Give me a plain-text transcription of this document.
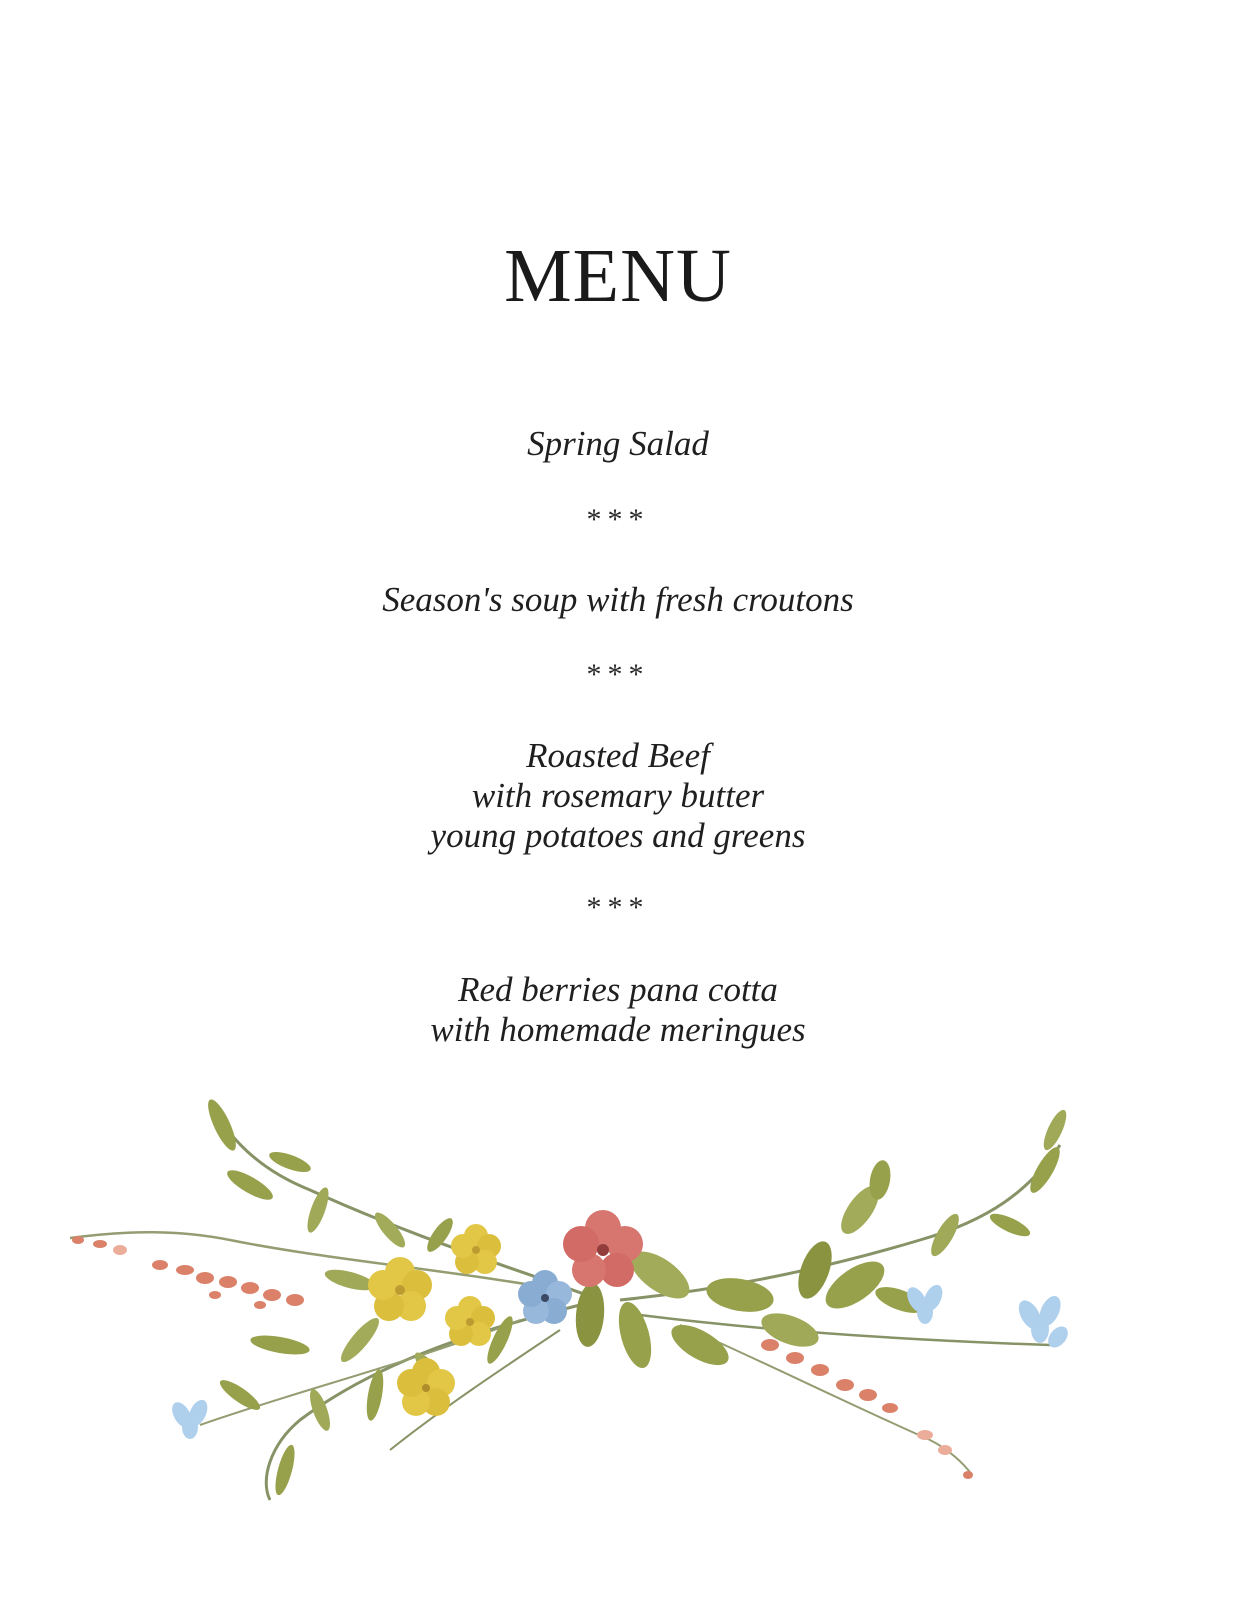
MENU
Spring Salad
***
Season's soup with fresh croutons
***
Roasted Beef
with rosemary butter
young potatoes and greens
***
Red berries pana cotta
with homemade meringues
